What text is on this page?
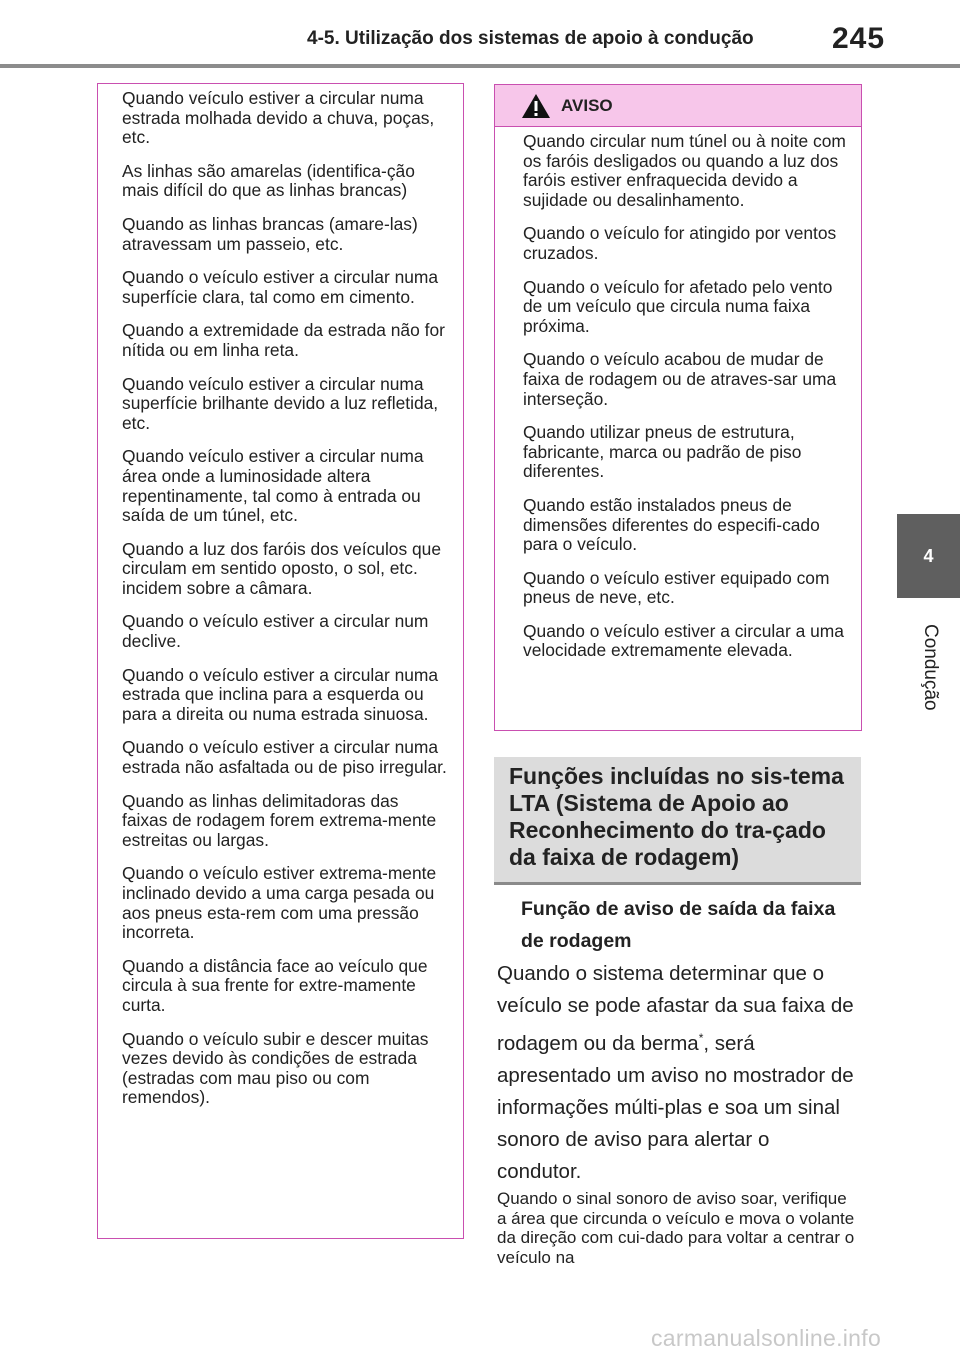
4-5. Utilização dos sistemas de apoio à condução	245
4
Condução

Quando veículo estiver a circular numa estrada molhada devido a chuva, poças, etc.

As linhas são amarelas (identifica-ção mais difícil do que as linhas brancas)

Quando as linhas brancas (amare-las) atravessam um passeio, etc.

Quando o veículo estiver a circular numa superfície clara, tal como em cimento.

Quando a extremidade da estrada não for nítida ou em linha reta.

Quando veículo estiver a circular numa superfície brilhante devido a luz refletida, etc.

Quando veículo estiver a circular numa área onde a luminosidade altera repentinamente, tal como à entrada ou saída de um túnel, etc.

Quando a luz dos faróis dos veículos que circulam em sentido oposto, o sol, etc. incidem sobre a câmara.

Quando o veículo estiver a circular num declive.

Quando o veículo estiver a circular numa estrada que inclina para a esquerda ou para a direita ou numa estrada sinuosa.

Quando o veículo estiver a circular numa estrada não asfaltada ou de piso irregular.

Quando as linhas delimitadoras das faixas de rodagem forem extrema-mente estreitas ou largas.

Quando o veículo estiver extrema-mente inclinado devido a uma carga pesada ou aos pneus esta-rem com uma pressão incorreta.

Quando a distância face ao veículo que circula à sua frente for extre-mamente curta.

Quando o veículo subir e descer muitas vezes devido às condições de estrada (estradas com mau piso ou com remendos).

AVISO

Quando circular num túnel ou à noite com os faróis desligados ou quando a luz dos faróis estiver enfraquecida devido a sujidade ou desalinhamento.

Quando o veículo for atingido por ventos cruzados.

Quando o veículo for afetado pelo vento de um veículo que circula numa faixa próxima.

Quando o veículo acabou de mudar de faixa de rodagem ou de atraves-sar uma interseção.

Quando utilizar pneus de estrutura, fabricante, marca ou padrão de piso diferentes.

Quando estão instalados pneus de dimensões diferentes do especifi-cado para o veículo.

Quando o veículo estiver equipado com pneus de neve, etc.

Quando o veículo estiver a circular a uma velocidade extremamente elevada.

Funções incluídas no sis-tema LTA (Sistema de Apoio ao Reconhecimento do tra-çado da faixa de rodagem)
Função de aviso de saída da faixa de rodagem
Quando o sistema determinar que o veículo se pode afastar da sua faixa de rodagem ou da berma*, será apresentado um aviso no mostrador de informações múlti-plas e soa um sinal sonoro de aviso para alertar o condutor.
Quando o sinal sonoro de aviso soar, verifique a área que circunda o veículo e mova o volante da direção com cui-dado para voltar a centrar o veículo na
carmanualsonline.info
